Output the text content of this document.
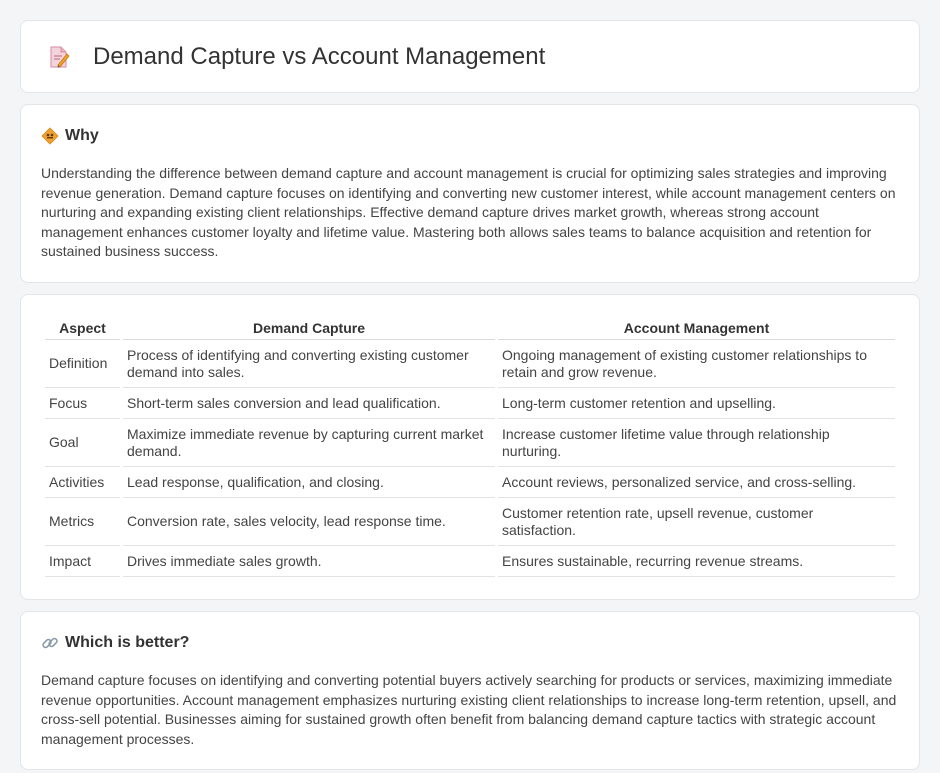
Demand Capture vs Account Management
Why

Understanding the difference between demand capture and account management is crucial for optimizing sales strategies and improving revenue generation. Demand capture focuses on identifying and converting new customer interest, while account management centers on nurturing and expanding existing client relationships. Effective demand capture drives market growth, whereas strong account management enhances customer loyalty and lifetime value. Mastering both allows sales teams to balance acquisition and retention for sustained business success.

Aspect	Demand Capture	Account Management
Definition	Process of identifying and converting existing customer demand into sales.	Ongoing management of existing customer relationships to retain and grow revenue.
Focus	Short-term sales conversion and lead qualification.	Long-term customer retention and upselling.
Goal	Maximize immediate revenue by capturing current market demand.	Increase customer lifetime value through relationship nurturing.
Activities	Lead response, qualification, and closing.	Account reviews, personalized service, and cross-selling.
Metrics	Conversion rate, sales velocity, lead response time.	Customer retention rate, upsell revenue, customer satisfaction.
Impact	Drives immediate sales growth.	Ensures sustainable, recurring revenue streams.
Which is better?

Demand capture focuses on identifying and converting potential buyers actively searching for products or services, maximizing immediate revenue opportunities. Account management emphasizes nurturing existing client relationships to increase long-term retention, upsell, and cross-sell potential. Businesses aiming for sustained growth often benefit from balancing demand capture tactics with strategic account management processes.
